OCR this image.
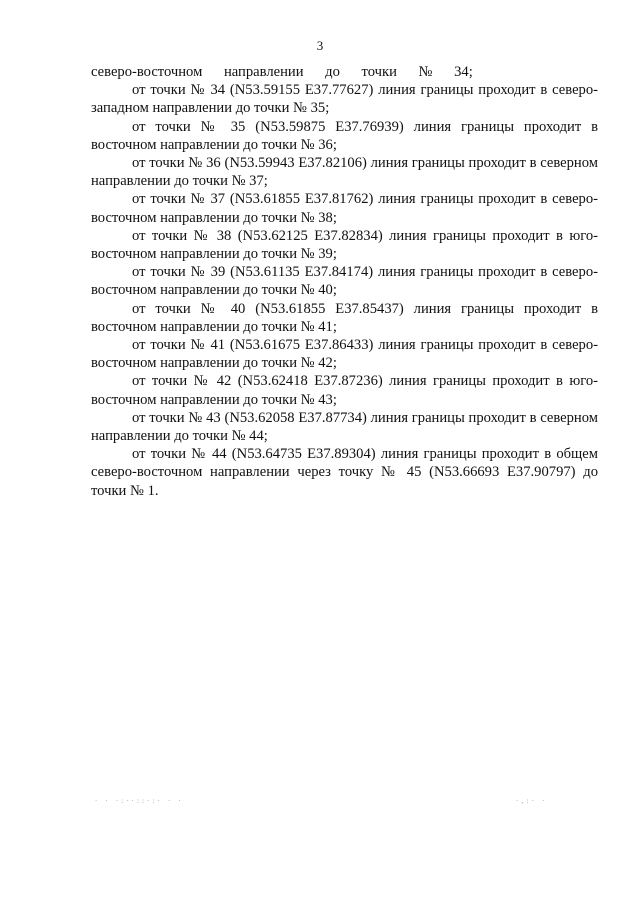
3

северо-восточном направлении до точки № 34;

от точки № 34 (N53.59155 E37.77627) линия границы проходит в северо-западном направлении до точки № 35;

от точки № 35 (N53.59875 E37.76939) линия границы проходит в восточном направлении до точки № 36;

от точки № 36 (N53.59943 E37.82106) линия границы проходит в северном направлении до точки № 37;

от точки № 37 (N53.61855 E37.81762) линия границы проходит в северо-восточном направлении до точки № 38;

от точки № 38 (N53.62125 E37.82834) линия границы проходит в юго-восточном направлении до точки № 39;

от точки № 39 (N53.61135 E37.84174) линия границы проходит в северо-восточном направлении до точки № 40;

от точки № 40 (N53.61855 E37.85437) линия границы проходит в восточном направлении до точки № 41;

от точки № 41 (N53.61675 E37.86433) линия границы проходит в северо-восточном направлении до точки № 42;

от точки № 42 (N53.62418 E37.87236) линия границы проходит в юго-восточном направлении до точки № 43;

от точки № 43 (N53.62058 E37.87734) линия границы проходит в северном направлении до точки № 44;

от точки № 44 (N53.64735 E37.89304) линия границы проходит в общем северо-восточном направлении через точку № 45 (N53.66693 E37.90797) до точки № 1.

· · ·:··::·:· · ·	·,:· ·
